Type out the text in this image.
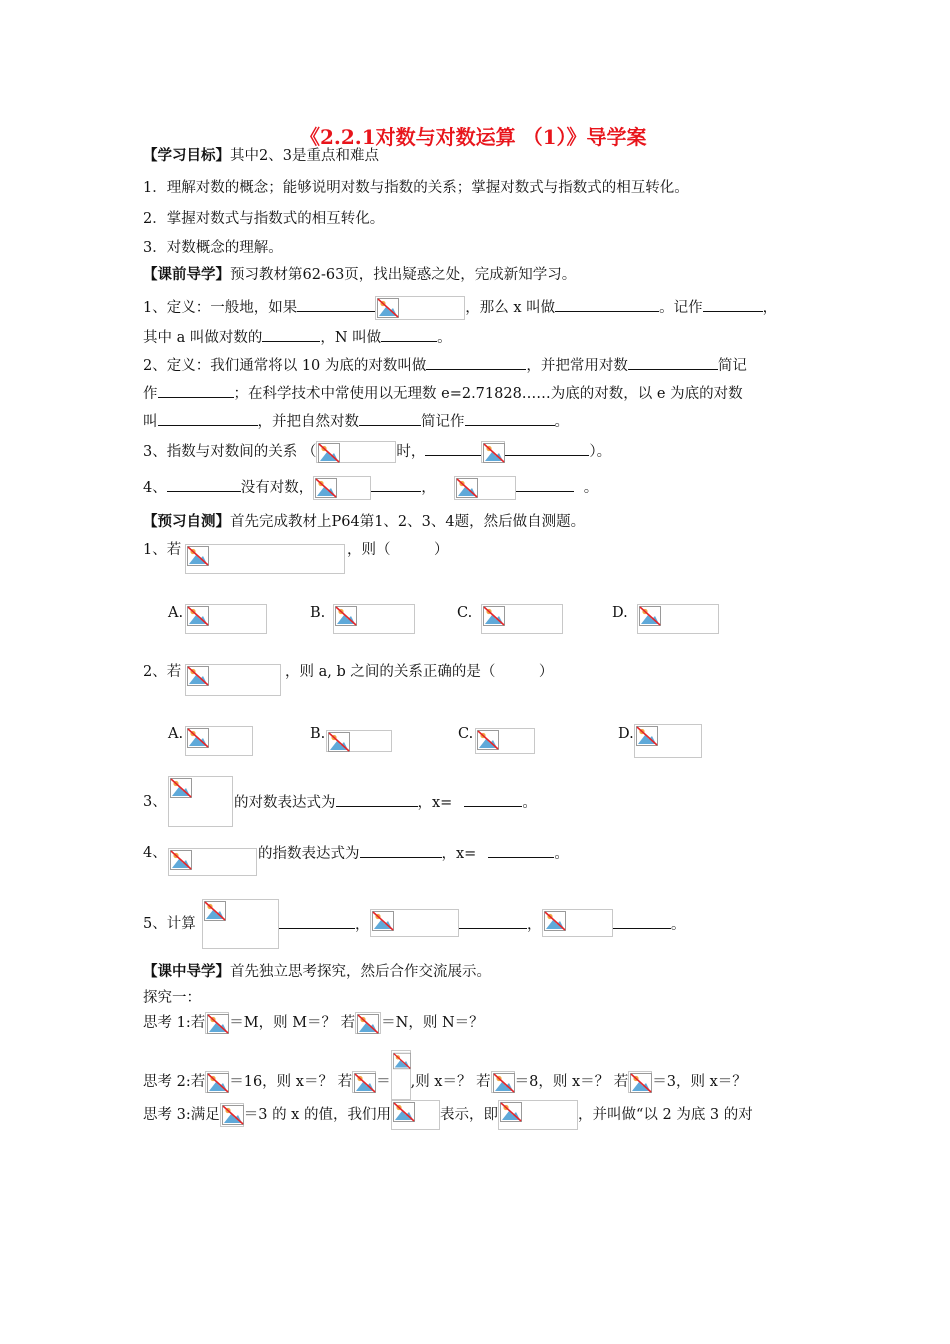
《2.2.1对数与对数运算 （1）》导学案
【学习目标】其中2、3是重点和难点
1．理解对数的概念；能够说明对数与指数的关系；掌握对数式与指数式的相互转化。
2．掌握对数式与指数式的相互转化。
3．对数概念的理解。
【课前导学】预习教材第62-63页，找出疑惑之处，完成新知学习。
1、定义：一般地，如果	，那么 x 叫做	。记作	，
其中 a 叫做对数的	，N 叫做	。
2、定义：我们通常将以 10 为底的对数叫做	，并把常用对数	简记
作	；在科学技术中常使用以无理数 e=2.71828……为底的对数，以 e 为底的对数
叫	，并把自然对数	简记作	。
3、指数与对数间的关系 （	时，	）。
4、	没有对数，	，	。
【预习自测】首先完成教材上P64第1、2、3、4题，然后做自测题。
1、若	，则（　　　）
A.	B.	C.	D.
2、若	，则 a, b 之间的关系正确的是（　　　）
A.	B.	C.	D.
3、	的对数表达式为	，x=	。
4、	的指数表达式为	，x=	。
5、计算	，	，	。
【课中导学】首先独立思考探究，然后合作交流展示。
探究一：
思考 1:若 ＝M，则 M＝？ 若 ＝N，则 N＝？
思考 2:若 ＝16，则 x＝？ 若 ＝ ,则 x＝？ 若 ＝8，则 x＝？ 若 ＝3，则 x＝？
思考 3:满足 ＝3 的 x 的值，我们用	表示，即	，并叫做“以 2 为底 3 的对
